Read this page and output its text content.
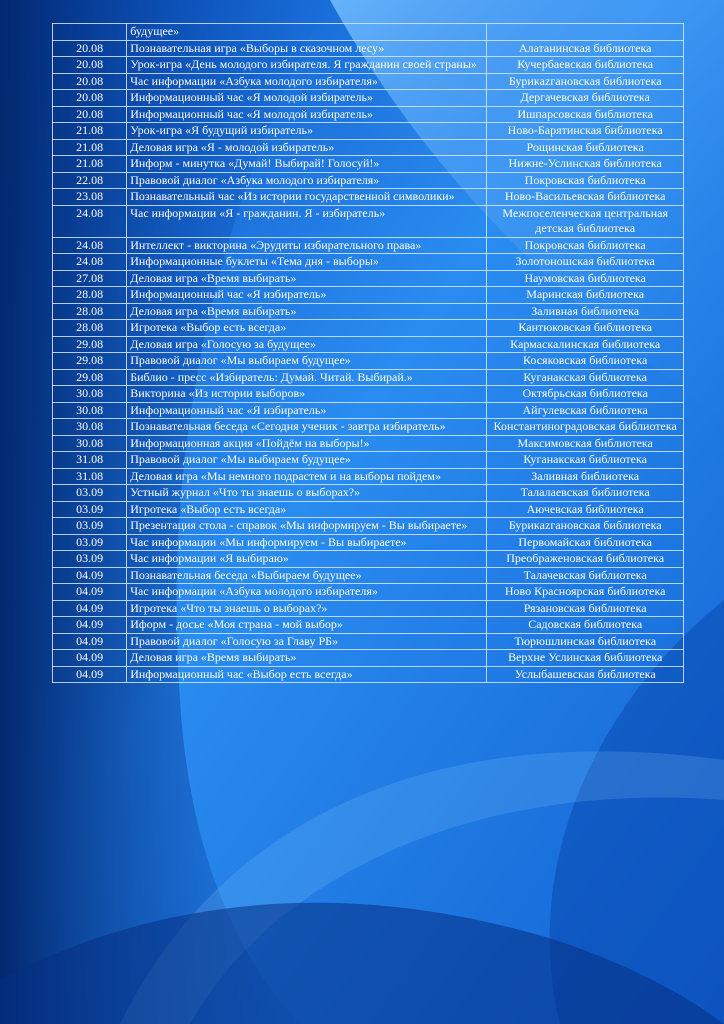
	будущее»	
20.08	Познавательная игра «Выборы в сказочном лесу»	Алатанинская библиотека
20.08	Урок-игра «День молодого избирателя. Я гражданин своей страны»	Кучербаевская библиотека
20.08	Час информации «Азбука молодого избирателя»	Бурикazгановская библиотека
20.08	Информационный час «Я молодой избиратель»	Дергачевская библиотека
20.08	Информационный час «Я молодой избиратель»	Ишпарсовская библиотека
21.08	Урок-игра «Я будущий избиратель»	Ново-Барятинская библиотека
21.08	Деловая игра «Я - молодой избиратель»	Рощинская библиотека
21.08	Информ - минутка «Думай! Выбирай! Голосуй!»	Нижне-Услинская библиотека
22.08	Правовой диалог «Азбука молодого избирателя»	Покровская библиотека
23.08	Познавательный час «Из истории государственной символики»	Ново-Васильевская библиотека
24.08	Час информации «Я - гражданин. Я - избиратель»	Межпоселенческая центральная детская библиотека
24.08	Интеллект - викторина «Эрудиты избирательного права»	Покровская библиотека
24.08	Информационные буклеты «Тема дня - выборы»	Золотоношская библиотека
27.08	Деловая игра «Время выбирать»	Наумовская библиотека
28.08	Информационный час «Я избиратель»	Маринская библиотека
28.08	Деловая игра «Время выбирать»	Заливная библиотека
28.08	Игротека «Выбор есть всегда»	Кантюковская библиотека
29.08	Деловая игра «Голосую за будущее»	Кармаскалинская библиотека
29.08	Правовой диалог «Мы выбираем будущее»	Косяковская библиотека
29.08	Библио - пресс «Избиратель: Думай. Читай. Выбирай.»	Куганакская библиотека
30.08	Викторина «Из истории выборов»	Октябрьская библиотека
30.08	Информационный час «Я избиратель»	Айгулевская библиотека
30.08	Познавательная беседа «Сегодня ученик - завтра избиратель»	Константиноградовская библиотека
30.08	Информационная акция «Пойдём на выборы!»	Максимовская библиотека
31.08	Правовой диалог «Мы выбираем будущее»	Куганакская библиотека
31.08	Деловая игра «Мы немного подрастем и на выборы пойдем»	Заливная библиотека
03.09	Устный журнал «Что ты знаешь о выборах?»	Талалаевская библиотека
03.09	Игротека «Выбор есть всегда»	Аючевская библиотека
03.09	Презентация стола - справок «Мы информируем - Вы выбираете»	Бурикazгановская библиотека
03.09	Час информации «Мы информируем - Вы выбираете»	Первомайская библиотека
03.09	Час информации «Я выбираю»	Преображеновская библиотека
04.09	Познавательная беседа «Выбираем будущее»	Талачевская библиотека
04.09	Час информации «Азбука молодого избирателя»	Ново Красноярская библиотека
04.09	Игротека «Что ты знаешь о выборах?»	Рязановская библиотека
04.09	Иформ - досье «Моя страна - мой выбор»	Садовская библиотека
04.09	Правовой диалог «Голосую за Главу РБ»	Тюрюшлинская библиотека
04.09	Деловая игра «Время выбирать»	Верхне Услинская библиотека
04.09	Информационный час «Выбор есть всегда»	Услыбашевская библиотека
